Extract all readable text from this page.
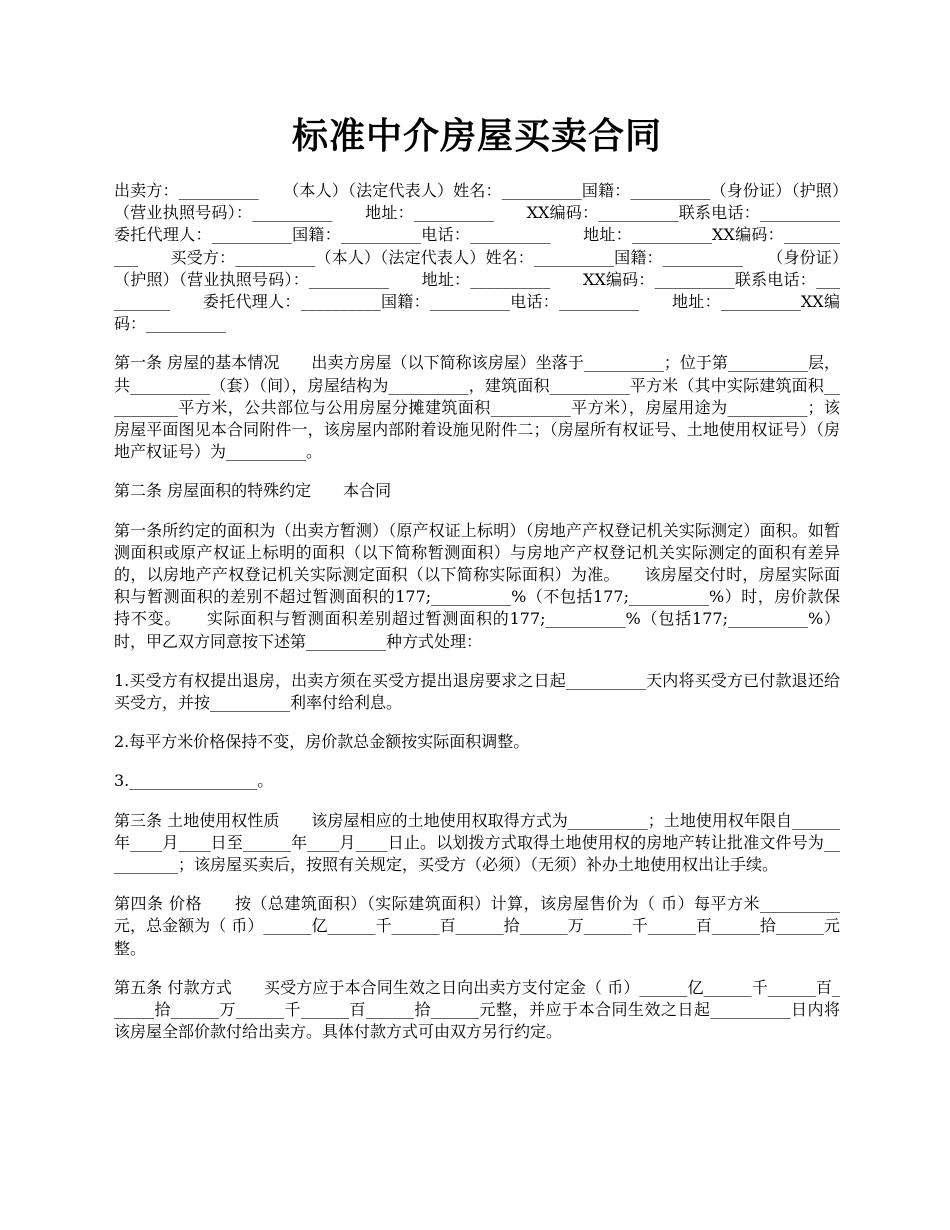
标准中介房屋买卖合同

出卖方：__________　　（本人）（法定代表人）姓名：__________国籍：__________（身份证）（护照）（营业执照号码）：__________　　地址：__________　　XX编码：__________联系电话：__________　　委托代理人：__________国籍：__________电话：__________　　地址：__________XX编码：__________　　买受方：__________（本人）（法定代表人）姓名：__________国籍：__________　　（身份证）（护照）（营业执照号码）：__________　　地址：__________　　XX编码：__________联系电话：__________　　委托代理人：__________国籍：__________电话：__________　　地址：__________XX编码：__________

第一条 房屋的基本情况　　出卖方房屋（以下简称该房屋）坐落于__________；位于第__________层，共__________（套）（间），房屋结构为__________，建筑面积__________平方米（其中实际建筑面积__________平方米，公共部位与公用房屋分摊建筑面积__________平方米），房屋用途为__________；该房屋平面图见本合同附件一，该房屋内部附着设施见附件二；（房屋所有权证号、土地使用权证号）（房地产权证号）为__________。

第二条 房屋面积的特殊约定　　本合同

第一条所约定的面积为（出卖方暂测）（原产权证上标明）（房地产产权登记机关实际测定）面积。如暂测面积或原产权证上标明的面积（以下简称暂测面积）与房地产产权登记机关实际测定的面积有差异的，以房地产产权登记机关实际测定面积（以下简称实际面积）为准。　　该房屋交付时，房屋实际面积与暂测面积的差别不超过暂测面积的177;__________%（不包括177;__________%）时，房价款保持不变。　　实际面积与暂测面积差别超过暂测面积的177;__________%（包括177;__________%）时，甲乙双方同意按下述第__________种方式处理：

1.买受方有权提出退房，出卖方须在买受方提出退房要求之日起__________天内将买受方已付款退还给买受方，并按__________利率付给利息。

2.每平方米价格保持不变，房价款总金额按实际面积调整。

3.________________。

第三条 土地使用权性质　　该房屋相应的土地使用权取得方式为__________；土地使用权年限自______年____月____日至______年____月____日止。以划拨方式取得土地使用权的房地产转让批准文件号为__________；该房屋买卖后，按照有关规定，买受方（必须）（无须）补办土地使用权出让手续。

第四条 价格　　按（总建筑面积）（实际建筑面积）计算，该房屋售价为（ 币）每平方米__________元，总金额为（ 币）______亿______千______百______拾______万______千______百______拾______元整。

第五条 付款方式　　买受方应于本合同生效之日向出卖方支付定金（ 币）______亿______千______百______拾______万______千______百______拾______元整，并应于本合同生效之日起__________日内将该房屋全部价款付给出卖方。具体付款方式可由双方另行约定。
